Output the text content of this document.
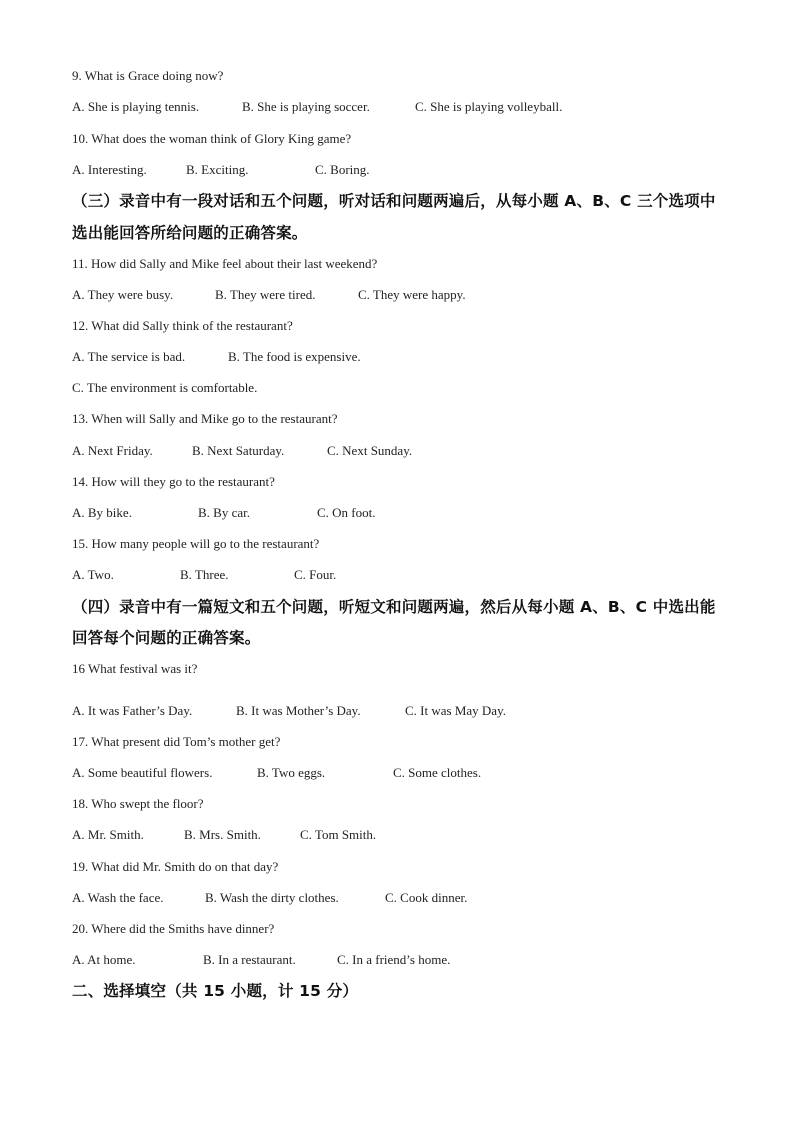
9. What is Grace doing now?
A. She is playing tennis.	B. She is playing soccer.	C. She is playing volleyball.
10. What does the woman think of Glory King game?
A. Interesting.	B. Exciting.	C. Boring.
（三）录音中有一段对话和五个问题，听对话和问题两遍后，从每小题 A、B、C 三个选项中
选出能回答所给问题的正确答案。
11. How did Sally and Mike feel about their last weekend?
A. They were busy.	B. They were tired.	C. They were happy.
12. What did Sally think of the restaurant?
A. The service is bad.	B. The food is expensive.
C. The environment is comfortable.
13. When will Sally and Mike go to the restaurant?
A. Next Friday.	B. Next Saturday.	C. Next Sunday.
14. How will they go to the restaurant?
A. By bike.	B. By car.	C. On foot.
15. How many people will go to the restaurant?
A. Two.	B. Three.	C. Four.
（四）录音中有一篇短文和五个问题，听短文和问题两遍，然后从每小题 A、B、C 中选出能
回答每个问题的正确答案。
16 What festival was it?
A. It was Father’s Day.	B. It was Mother’s Day.	C. It was May Day.
17. What present did Tom’s mother get?
A. Some beautiful flowers.	B. Two eggs.	C. Some clothes.
18. Who swept the floor?
A. Mr. Smith.	B. Mrs. Smith.	C. Tom Smith.
19. What did Mr. Smith do on that day?
A. Wash the face.	B. Wash the dirty clothes.	C. Cook dinner.
20. Where did the Smiths have dinner?
A. At home.	B. In a restaurant.	C. In a friend’s home.
二、选择填空（共 15 小题，计 15 分）
